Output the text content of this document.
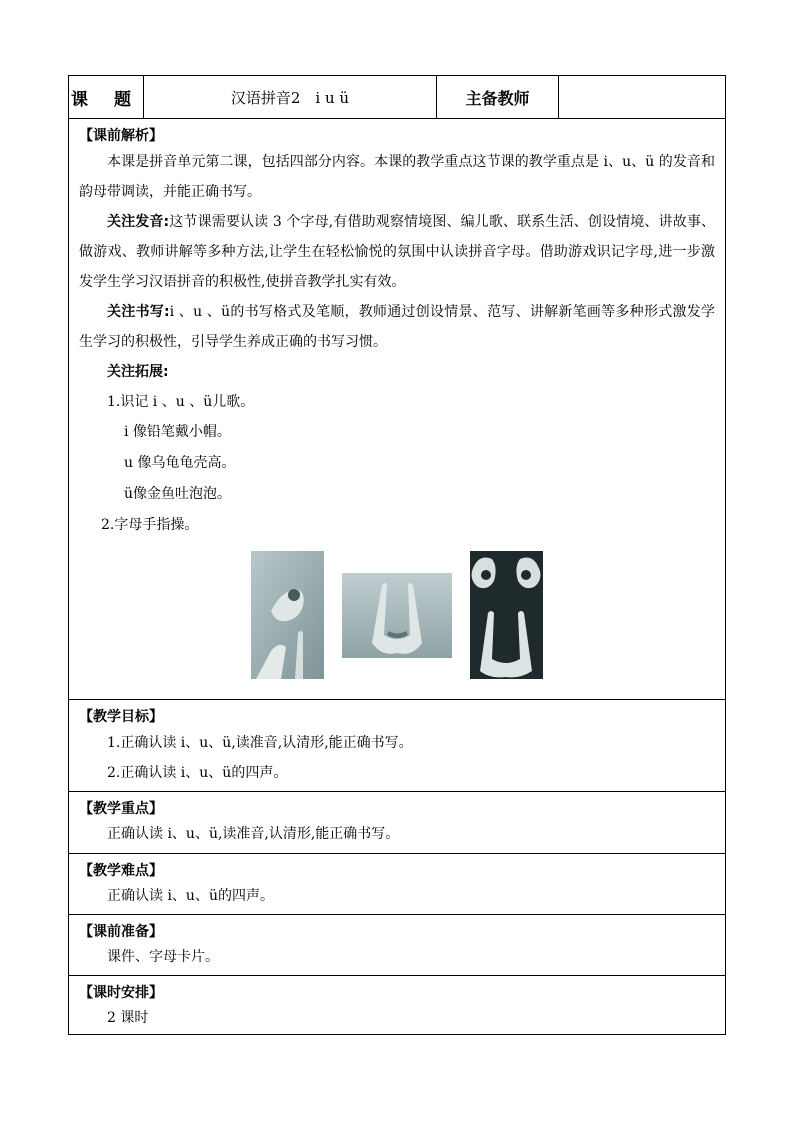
课 题	汉语拼音2　i u ü	主备教师
【课前解析】
本课是拼音单元第二课，包括四部分内容。本课的教学重点这节课的教学重点是 i、u、ü 的发音和韵母带调读，并能正确书写。
关注发音:这节课需要认读 3 个字母,有借助观察情境图、编儿歌、联系生活、创设情境、讲故事、做游戏、教师讲解等多种方法,让学生在轻松愉悦的氛围中认读拼音字母。借助游戏识记字母,进一步激发学生学习汉语拼音的积极性,使拼音教学扎实有效。
关注书写:i 、u 、ü的书写格式及笔顺，教师通过创设情景、范写、讲解新笔画等多种形式激发学生学习的积极性，引导学生养成正确的书写习惯。
关注拓展:
1.识记 i 、u 、ü儿歌。
i 像铅笔戴小帽。
u 像乌龟龟壳高。
ü像金鱼吐泡泡。
2.字母手指操。
【教学目标】
1.正确认读 i、u、ü,读准音,认清形,能正确书写。
2.正确认读 i、u、ü的四声。
【教学重点】
正确认读 i、u、ü,读准音,认清形,能正确书写。
【教学难点】
正确认读 i、u、ü的四声。
【课前准备】
课件、字母卡片。
【课时安排】
2 课时
